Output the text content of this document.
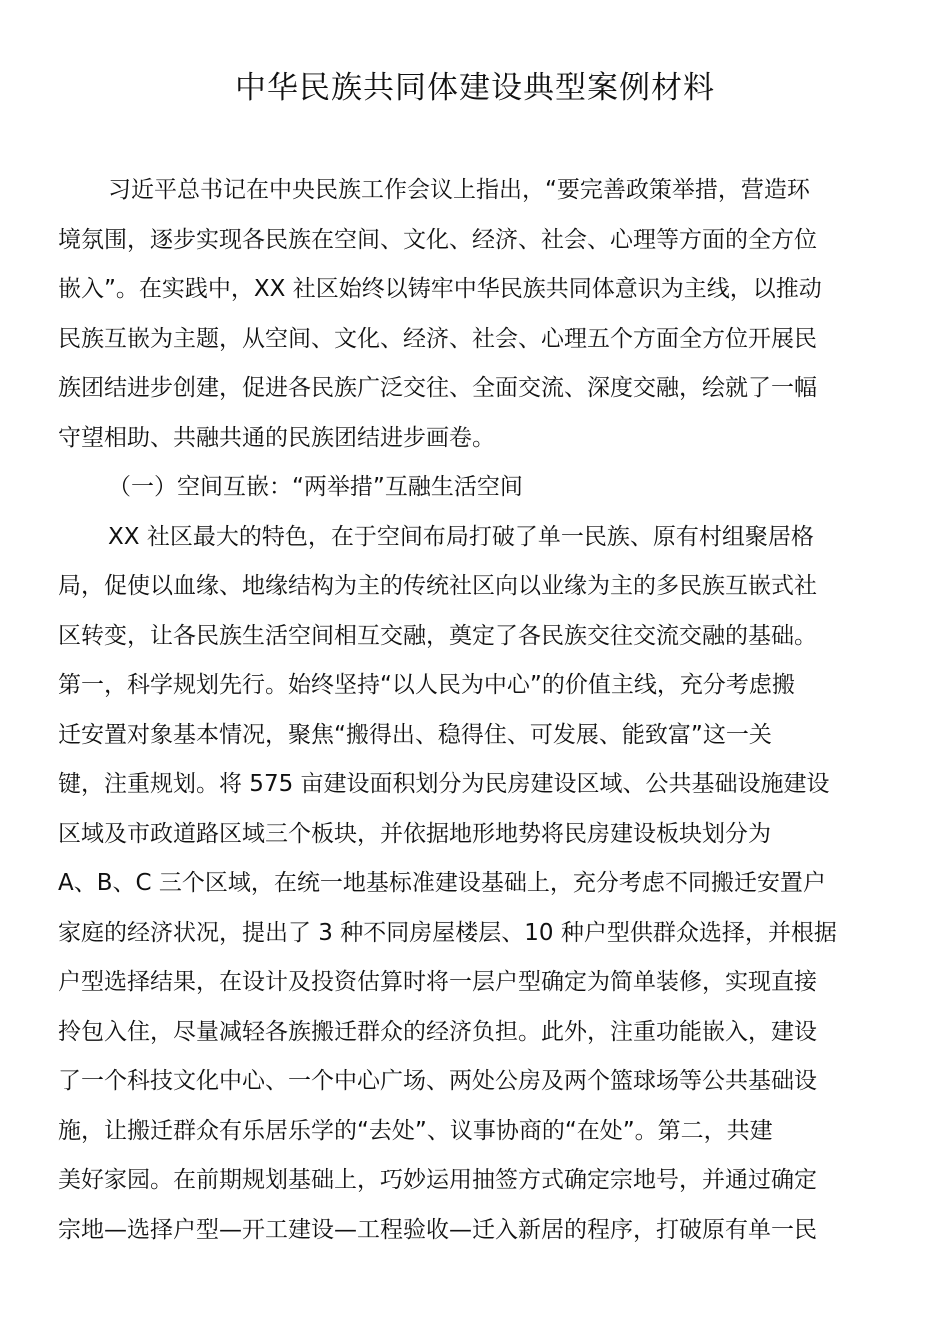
中华民族共同体建设典型案例材料
习近平总书记在中央民族工作会议上指出，“要完善政策举措，营造环
境氛围，逐步实现各民族在空间、文化、经济、社会、心理等方面的全方位
嵌入”。在实践中，XX 社区始终以铸牢中华民族共同体意识为主线，以推动
民族互嵌为主题，从空间、文化、经济、社会、心理五个方面全方位开展民
族团结进步创建，促进各民族广泛交往、全面交流、深度交融，绘就了一幅
守望相助、共融共通的民族团结进步画卷。
（一）空间互嵌：“两举措”互融生活空间
XX 社区最大的特色，在于空间布局打破了单一民族、原有村组聚居格
局，促使以血缘、地缘结构为主的传统社区向以业缘为主的多民族互嵌式社
区转变，让各民族生活空间相互交融，奠定了各民族交往交流交融的基础。
第一，科学规划先行。始终坚持“以人民为中心”的价值主线，充分考虑搬
迁安置对象基本情况，聚焦“搬得出、稳得住、可发展、能致富”这一关
键，注重规划。将 575 亩建设面积划分为民房建设区域、公共基础设施建设
区域及市政道路区域三个板块，并依据地形地势将民房建设板块划分为
A、B、C 三个区域，在统一地基标准建设基础上，充分考虑不同搬迁安置户
家庭的经济状况，提出了 3 种不同房屋楼层、10 种户型供群众选择，并根据
户型选择结果，在设计及投资估算时将一层户型确定为简单装修，实现直接
拎包入住，尽量减轻各族搬迁群众的经济负担。此外，注重功能嵌入，建设
了一个科技文化中心、一个中心广场、两处公房及两个篮球场等公共基础设
施，让搬迁群众有乐居乐学的“去处”、议事协商的“在处”。第二，共建
美好家园。在前期规划基础上，巧妙运用抽签方式确定宗地号，并通过确定
宗地—选择户型—开工建设—工程验收—迁入新居的程序，打破原有单一民
